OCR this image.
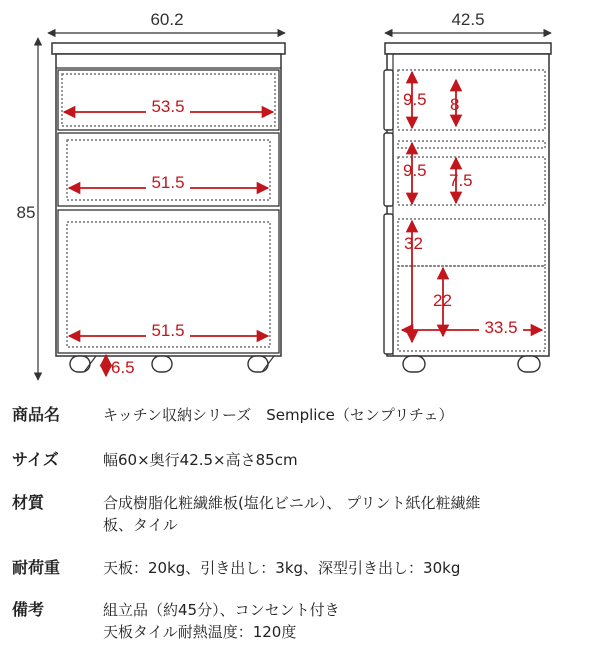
60.2
85
53.5
51.5
51.5
6.5
42.5
9.5 8
9.5
7.5
32
22
33.5
商品名	キッチン収納シリーズ　Semplice（センプリチェ）
サイズ	幅60×奥行42.5×高さ85cm
材質	合成樹脂化粧繊維板(塩化ビニル）、 プリント紙化粧繊維
板、タイル
耐荷重	天板：20kg、引き出し：3kg、深型引き出し：30kg
備考	組立品（約45分）、コンセント付き
天板タイル耐熱温度：120度
